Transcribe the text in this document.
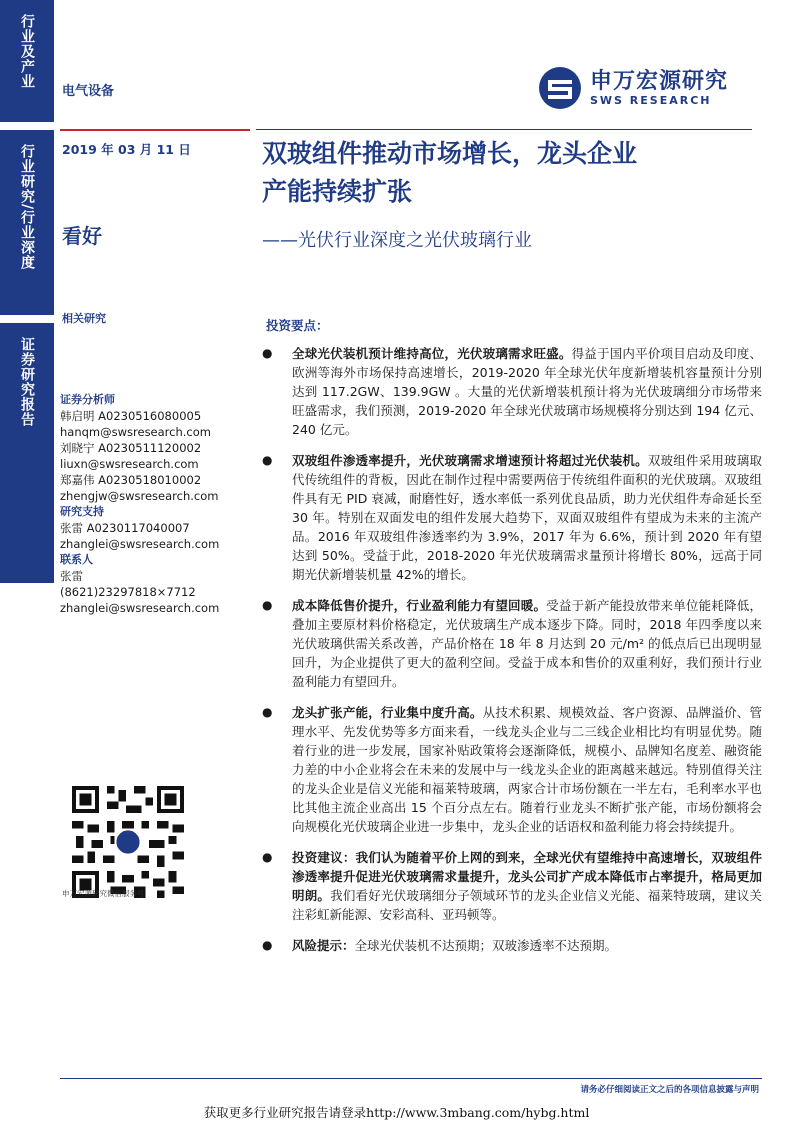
行业及产业
行业研究/行业深度
证券研究报告
电气设备	申万宏源研究
SWS RESEARCH
2019 年 03 月 11 日
看好
相关研究
双玻组件推动市场增长，龙头企业
产能持续扩张
——光伏行业深度之光伏玻璃行业
证券分析师
韩启明 A0230516080005
hanqm@swsresearch.com
刘晓宁 A0230511120002
liuxn@swsresearch.com
郑嘉伟 A0230518010002
zhengjw@swsresearch.com
研究支持
张雷 A0230117040007
zhanglei@swsresearch.com
联系人
张雷
(8621)23297818×7712
zhanglei@swsresearch.com
申万宏源研究微信服务号
投资要点：
● 全球光伏装机预计维持高位，光伏玻璃需求旺盛。得益于国内平价项目启动及印度、欧洲等海外市场保持高速增长，2019-2020 年全球光伏年度新增装机容量预计分别达到 117.2GW、139.9GW 。大量的光伏新增装机预计将为光伏玻璃细分市场带来旺盛需求，我们预测，2019-2020 年全球光伏玻璃市场规模将分别达到 194 亿元、240 亿元。
● 双玻组件渗透率提升，光伏玻璃需求增速预计将超过光伏装机。双玻组件采用玻璃取代传统组件的背板，因此在制作过程中需要两倍于传统组件面积的光伏玻璃。双玻组件具有无 PID 衰减，耐磨性好，透水率低一系列优良品质，助力光伏组件寿命延长至 30 年。特别在双面发电的组件发展大趋势下，双面双玻组件有望成为未来的主流产品。2016 年双玻组件渗透率约为 3.9%，2017 年为 6.6%，预计到 2020 年有望达到 50%。受益于此，2018-2020 年光伏玻璃需求量预计将增长 80%，远高于同期光伏新增装机量 42%的增长。
● 成本降低售价提升，行业盈利能力有望回暖。受益于新产能投放带来单位能耗降低，叠加主要原材料价格稳定，光伏玻璃生产成本逐步下降。同时，2018 年四季度以来光伏玻璃供需关系改善，产品价格在 18 年 8 月达到 20 元/m² 的低点后已出现明显回升，为企业提供了更大的盈利空间。受益于成本和售价的双重利好，我们预计行业盈利能力有望回升。
● 龙头扩张产能，行业集中度升高。从技术积累、规模效益、客户资源、品牌溢价、管理水平、先发优势等多方面来看，一线龙头企业与二三线企业相比均有明显优势。随着行业的进一步发展，国家补贴政策将会逐渐降低，规模小、品牌知名度差、融资能力差的中小企业将会在未来的发展中与一线龙头企业的距离越来越远。特别值得关注的龙头企业是信义光能和福莱特玻璃，两家合计市场份额在一半左右，毛利率水平也比其他主流企业高出 15 个百分点左右。随着行业龙头不断扩张产能，市场份额将会向规模化光伏玻璃企业进一步集中，龙头企业的话语权和盈利能力将会持续提升。
● 投资建议：我们认为随着平价上网的到来，全球光伏有望维持中高速增长，双玻组件渗透率提升促进光伏玻璃需求量提升，龙头公司扩产成本降低市占率提升，格局更加明朗。我们看好光伏玻璃细分子领域环节的龙头企业信义光能、福莱特玻璃，建议关注彩虹新能源、安彩高科、亚玛顿等。
● 风险提示：全球光伏装机不达预期；双玻渗透率不达预期。
请务必仔细阅读正文之后的各项信息披露与声明
获取更多行业研究报告请登录http://www.3mbang.com/hybg.html
